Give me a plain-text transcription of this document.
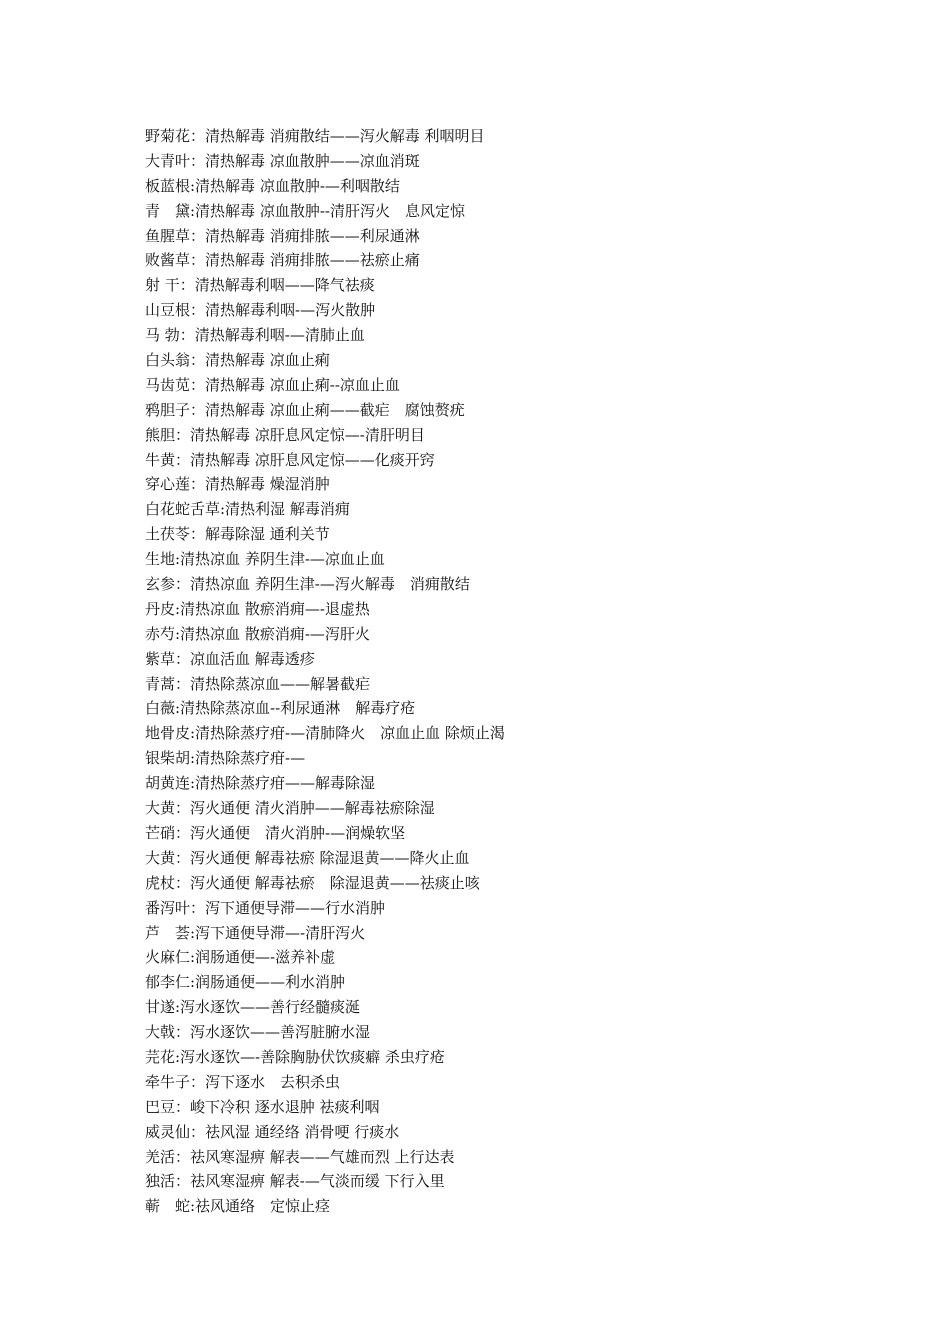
野菊花：清热解毒 消痈散结——泻火解毒 利咽明目
大青叶：清热解毒 凉血散肿——凉血消斑
板蓝根:清热解毒 凉血散肿-—利咽散结
青　黛:清热解毒 凉血散肿--清肝泻火　息风定惊
鱼腥草：清热解毒 消痈排脓——利尿通淋
败酱草：清热解毒 消痈排脓——祛瘀止痛
射 干：清热解毒利咽——降气祛痰
山豆根：清热解毒利咽-—泻火散肿
马 勃：清热解毒利咽-—清肺止血
白头翁：清热解毒 凉血止痢
马齿苋：清热解毒 凉血止痢--凉血止血
鸦胆子：清热解毒 凉血止痢——截疟　腐蚀赘疣
熊胆：清热解毒 凉肝息风定惊—-清肝明目
牛黄：清热解毒 凉肝息风定惊——化痰开窍
穿心莲：清热解毒 燥湿消肿
白花蛇舌草:清热利湿 解毒消痈
土茯苓：解毒除湿 通利关节
生地:清热凉血 养阴生津-—凉血止血
玄参：清热凉血 养阴生津-—泻火解毒　消痈散结
丹皮:清热凉血 散瘀消痈—-退虚热
赤芍:清热凉血 散瘀消痈-—泻肝火
紫草：凉血活血 解毒透疹
青蒿：清热除蒸凉血——解暑截疟
白薇:清热除蒸凉血--利尿通淋　解毒疗疮
地骨皮:清热除蒸疗疳-—清肺降火　凉血止血 除烦止渴
银柴胡:清热除蒸疗疳-—
胡黄连:清热除蒸疗疳——解毒除湿
大黄：泻火通便 清火消肿——解毒祛瘀除湿
芒硝：泻火通便　清火消肿-—润燥软坚
大黄：泻火通便 解毒祛瘀 除湿退黄——降火止血
虎杖：泻火通便 解毒祛瘀　除湿退黄——祛痰止咳
番泻叶：泻下通便导滞——行水消肿
芦　荟:泻下通便导滞—-清肝泻火
火麻仁:润肠通便—-滋养补虚
郁李仁:润肠通便——利水消肿
甘遂:泻水逐饮——善行经髓痰涎
大戟：泻水逐饮——善泻脏腑水湿
芫花:泻水逐饮—-善除胸胁伏饮痰癖 杀虫疗疮
牵牛子：泻下逐水　去积杀虫
巴豆：峻下冷积 逐水退肿 祛痰利咽
威灵仙：祛风湿 通经络 消骨哽 行痰水
羌活：祛风寒湿痹 解表——气雄而烈 上行达表
独活：祛风寒湿痹 解表-—气淡而缓 下行入里
蕲　蛇:祛风通络　定惊止痉
